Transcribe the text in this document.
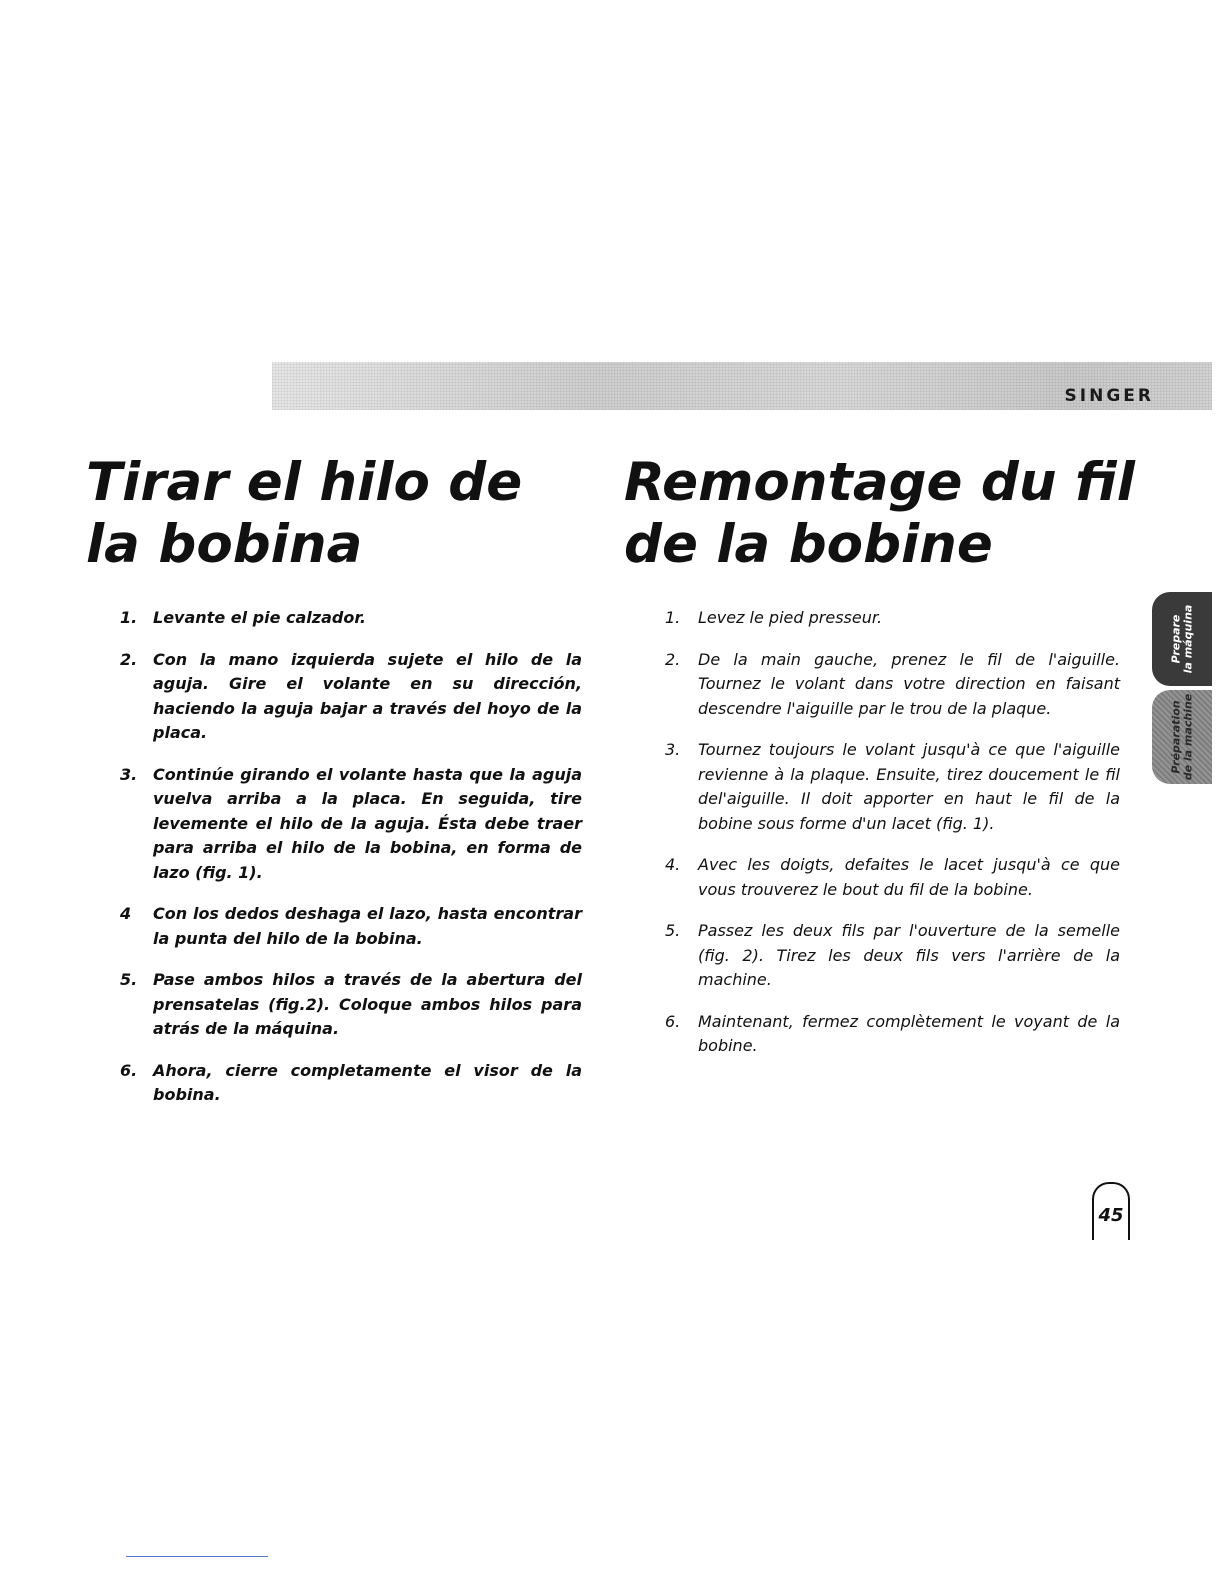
SINGER
Tirar el hilo de la bobina
Remontage du fil de la bobine
1. Levante el pie calzador.
2. Con la mano izquierda sujete el hilo de la aguja. Gire el volante en su dirección, haciendo la aguja bajar a través del hoyo de la placa.
3. Continúe girando el volante hasta que la aguja vuelva arriba a la placa. En seguida, tire levemente el hilo de la aguja. Ésta debe traer para arriba el hilo de la bobina, en forma de lazo (fig. 1).
4 Con los dedos deshaga el lazo, hasta encontrar la punta del hilo de la bobina.
5. Pase ambos hilos a través de la abertura del prensatelas (fig.2). Coloque ambos hilos para atrás de la máquina.
6. Ahora, cierre completamente el visor de la bobina.
1. Levez le pied presseur.
2. De la main gauche, prenez le fil de l'aiguille. Tournez le volant dans votre direction en faisant descendre l'aiguille par le trou de la plaque.
3. Tournez toujours le volant jusqu'à ce que l'aiguille revienne à la plaque. Ensuite, tirez doucement le fil del'aiguille. Il doit apporter en haut le fil de la bobine sous forme d'un lacet (fig. 1).
4. Avec les doigts, defaites le lacet jusqu'à ce que vous trouverez le bout du fil de la bobine.
5. Passez les deux fils par l'ouverture de la semelle (fig. 2). Tirez les deux fils vers l'arrière de la machine.
6. Maintenant, fermez complètement le voyant de la bobine.
Prepare la máquina
Préparation de la machine
45
